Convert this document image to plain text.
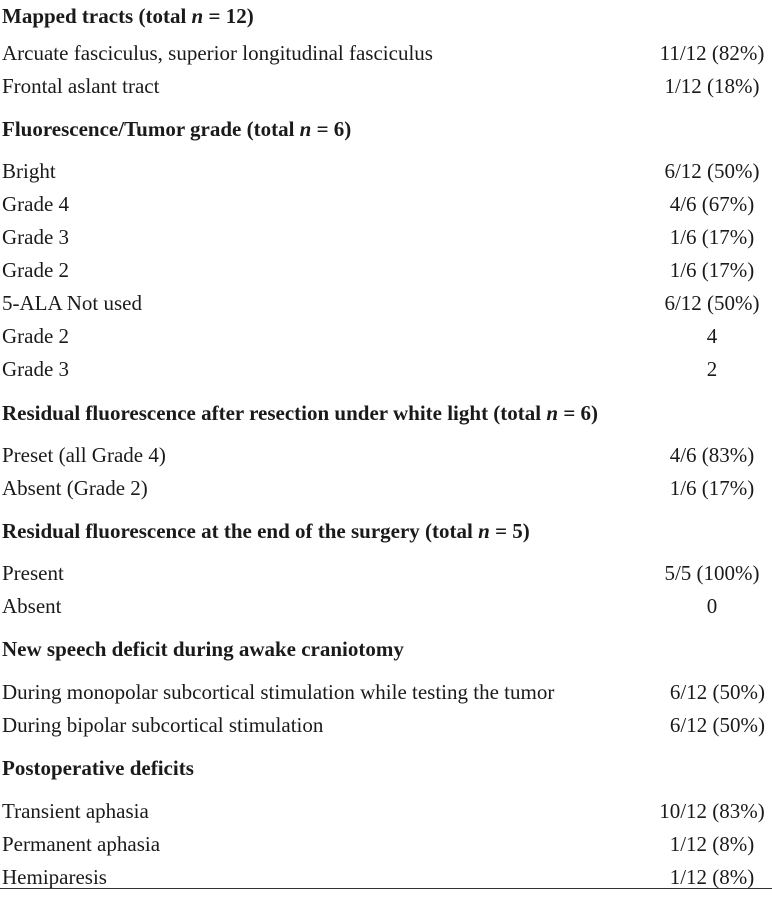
Mapped tracts (total n = 12)
Arcuate fasciculus, superior longitudinal fasciculus	11/12 (82%)
Frontal aslant tract	1/12 (18%)
Fluorescence/Tumor grade (total n = 6)
Bright	6/12 (50%)
Grade 4	4/6 (67%)
Grade 3	1/6 (17%)
Grade 2	1/6 (17%)
5-ALA Not used	6/12 (50%)
Grade 2	4
Grade 3	2
Residual fluorescence after resection under white light (total n = 6)
Preset (all Grade 4)	4/6 (83%)
Absent (Grade 2)	1/6 (17%)
Residual fluorescence at the end of the surgery (total n = 5)
Present	5/5 (100%)
Absent	0
New speech deficit during awake craniotomy
During monopolar subcortical stimulation while testing the tumor	6/12 (50%)
During bipolar subcortical stimulation	6/12 (50%)
Postoperative deficits
Transient aphasia	10/12 (83%)
Permanent aphasia	1/12 (8%)
Hemiparesis	1/12 (8%)
